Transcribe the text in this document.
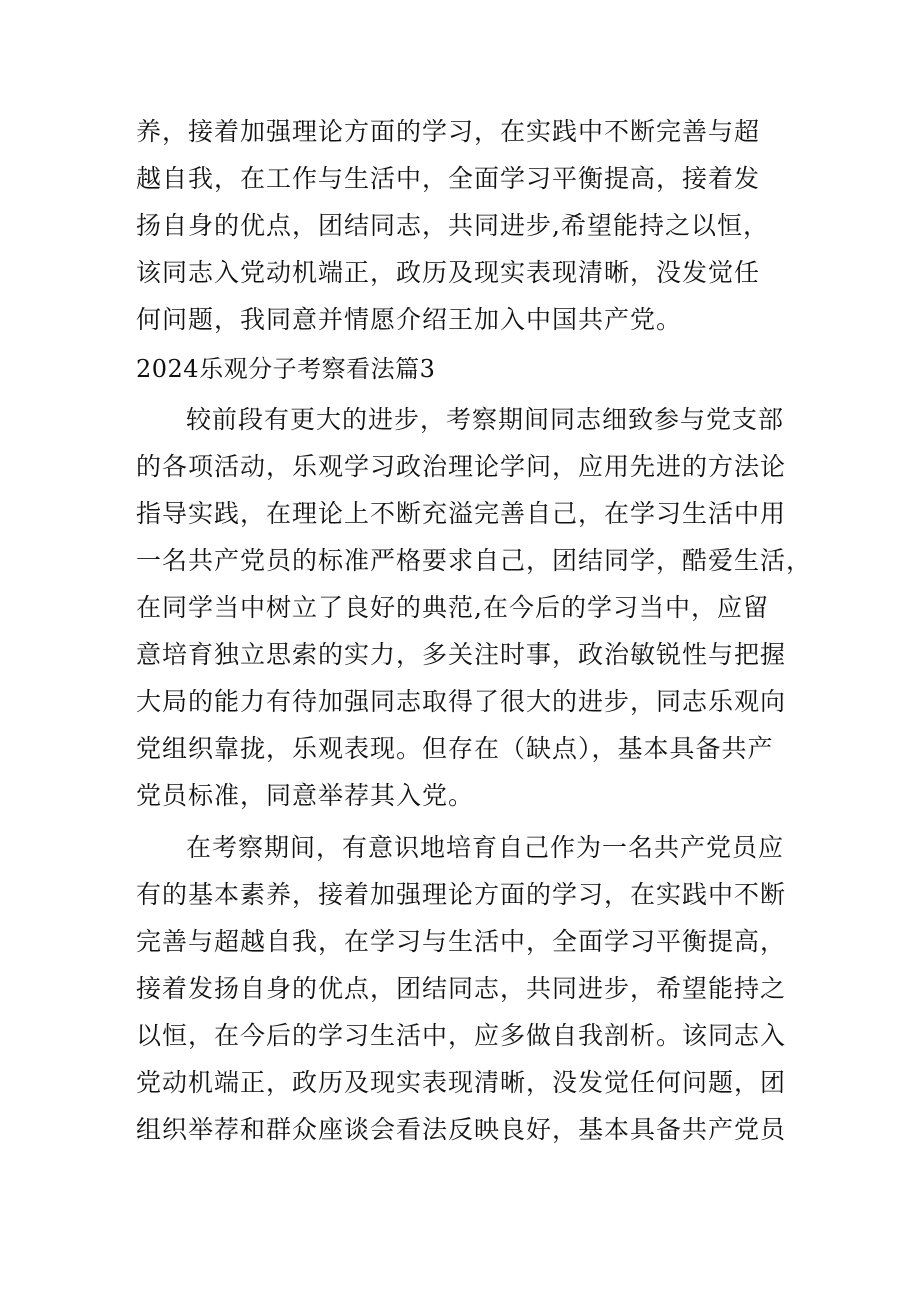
养，接着加强理论方面的学习，在实践中不断完善与超
越自我，在工作与生活中，全面学习平衡提高，接着发
扬自身的优点，团结同志，共同进步,希望能持之以恒，
该同志入党动机端正，政历及现实表现清晰，没发觉任
何问题，我同意并情愿介绍王加入中国共产党。
2024乐观分子考察看法篇3
较前段有更大的进步，考察期间同志细致参与党支部
的各项活动，乐观学习政治理论学问，应用先进的方法论
指导实践，在理论上不断充溢完善自己，在学习生活中用
一名共产党员的标准严格要求自己，团结同学，酷爱生活，
在同学当中树立了良好的典范,在今后的学习当中，应留
意培育独立思索的实力，多关注时事，政治敏锐性与把握
大局的能力有待加强同志取得了很大的进步，同志乐观向
党组织靠拢，乐观表现。但存在（缺点），基本具备共产
党员标准，同意举荐其入党。
在考察期间，有意识地培育自己作为一名共产党员应
有的基本素养，接着加强理论方面的学习，在实践中不断
完善与超越自我，在学习与生活中，全面学习平衡提高，
接着发扬自身的优点，团结同志，共同进步，希望能持之
以恒，在今后的学习生活中，应多做自我剖析。该同志入
党动机端正，政历及现实表现清晰，没发觉任何问题，团
组织举荐和群众座谈会看法反映良好，基本具备共产党员
